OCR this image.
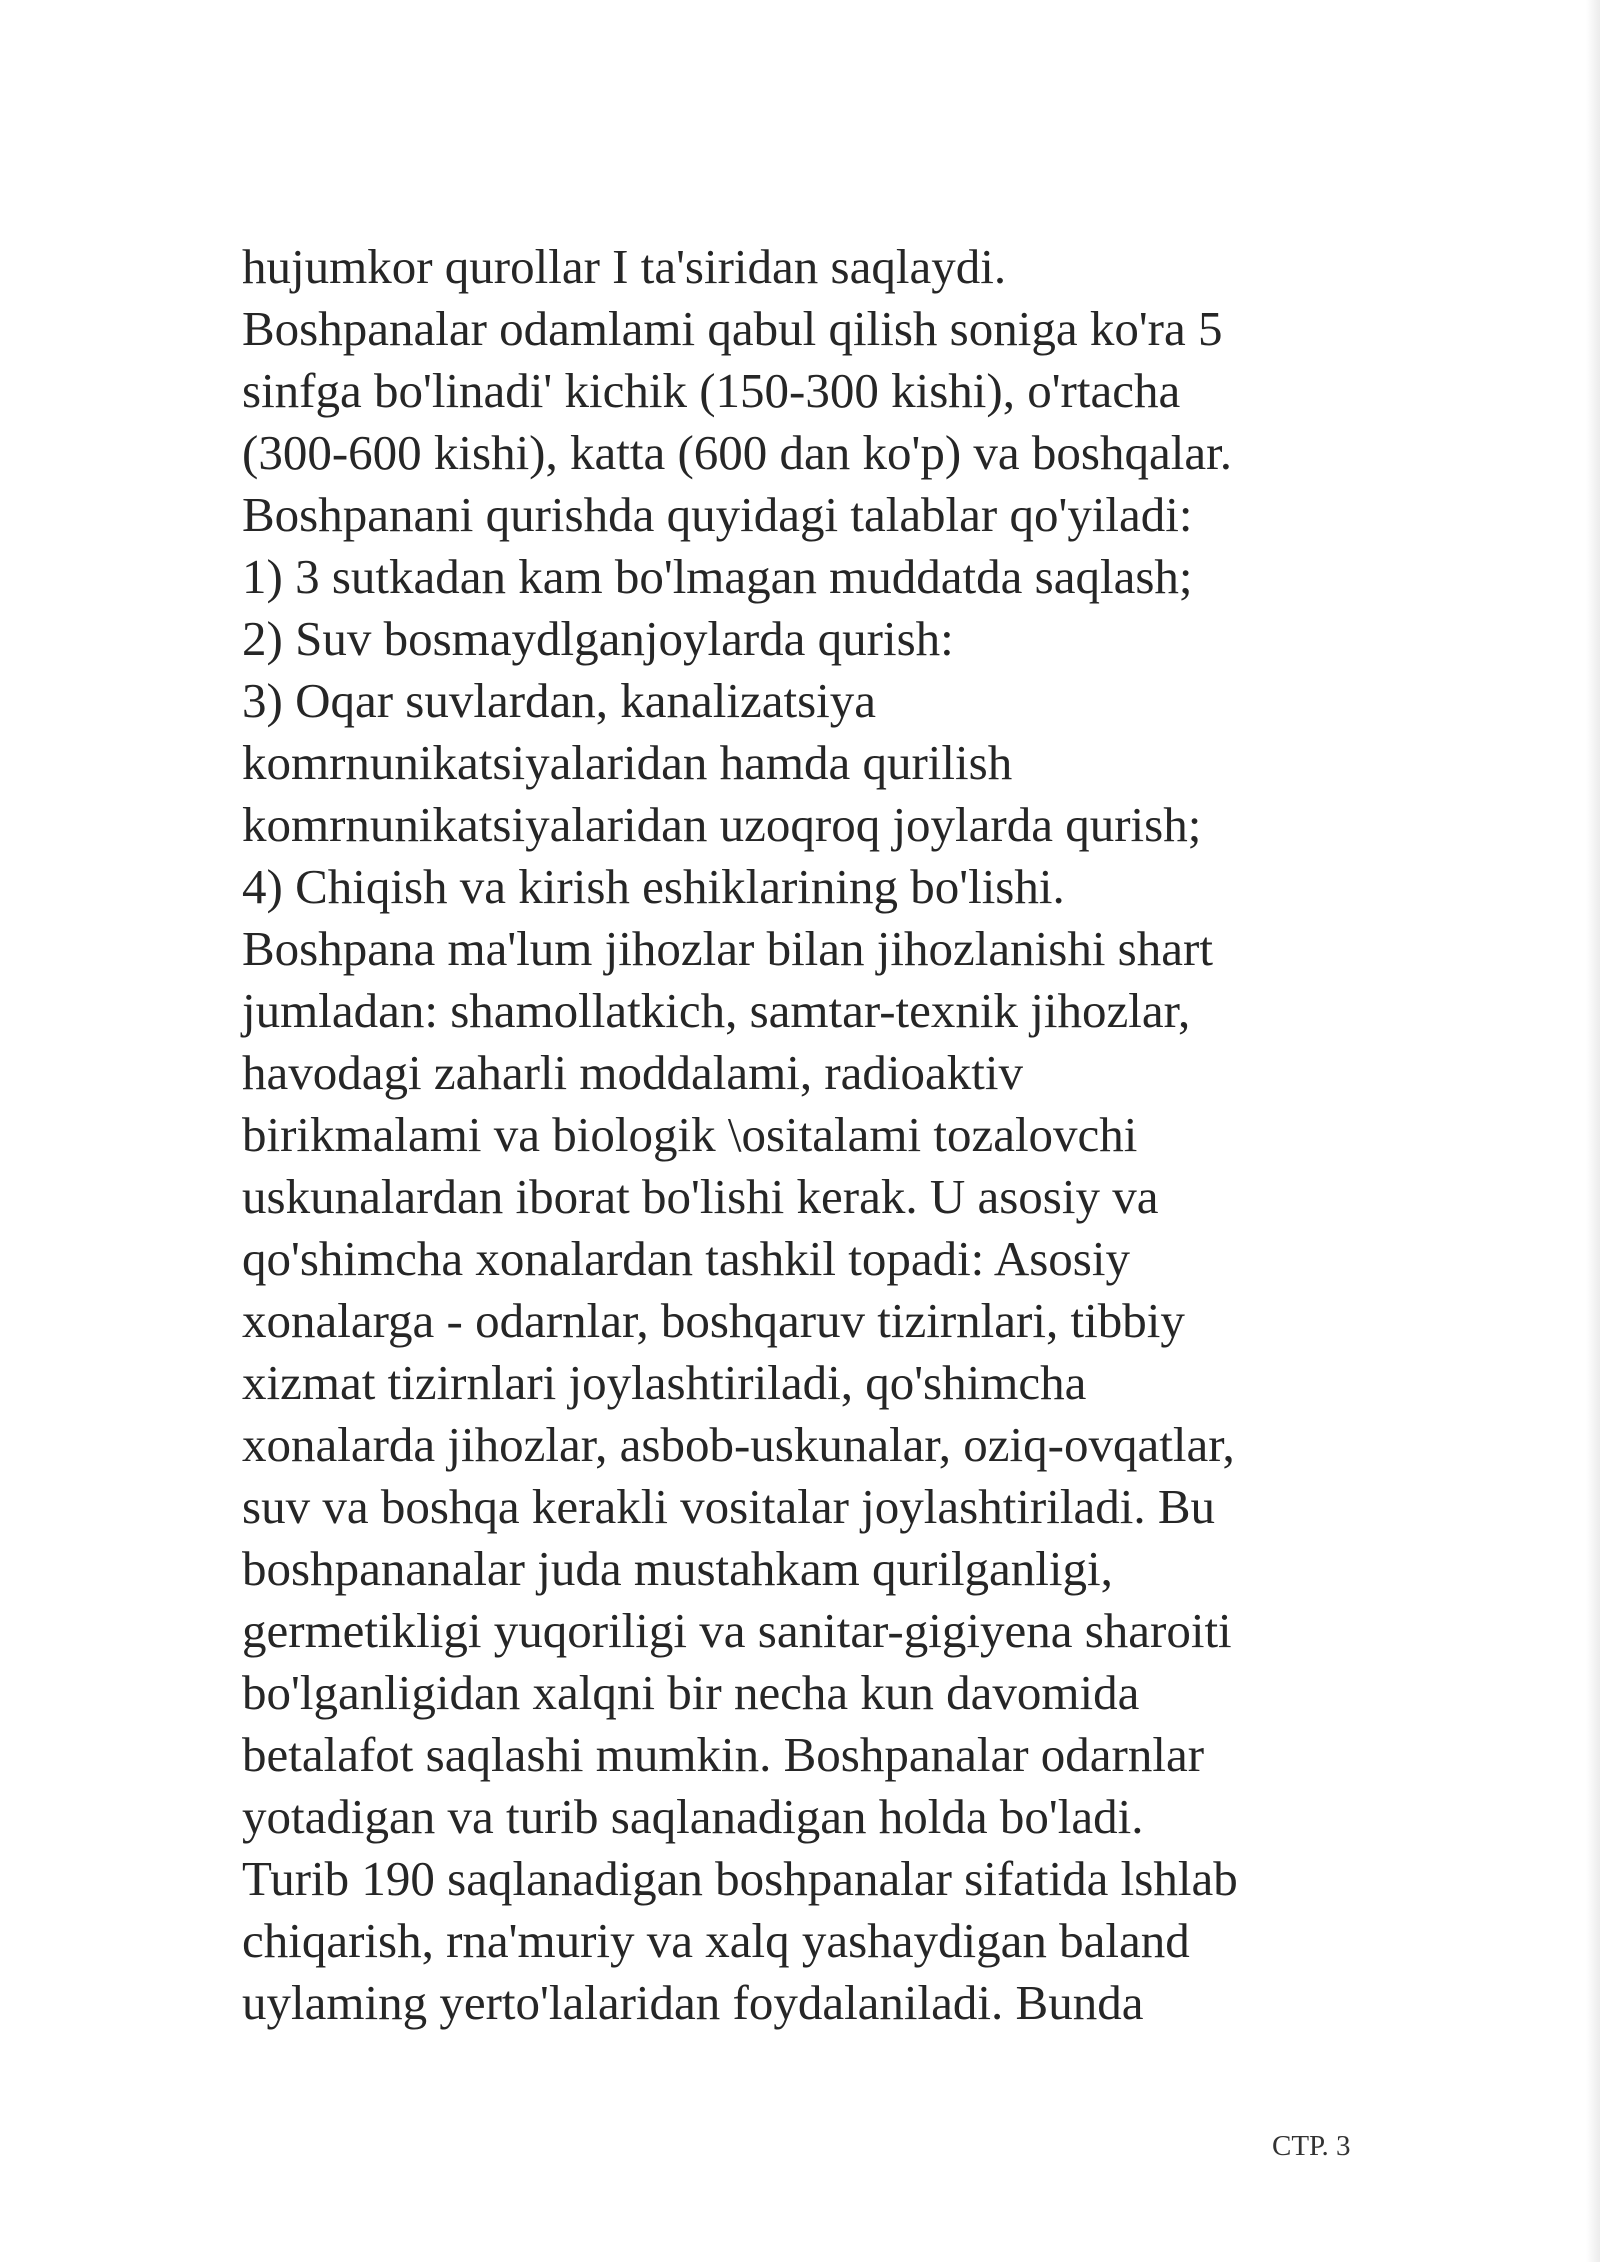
hujumkor qurollar I ta'siridan saqlaydi.
Boshpanalar odamlami qabul qilish soniga ko'ra 5
sinfga bo'linadi' kichik (150-300 kishi), o'rtacha
(300-600 kishi), katta (600 dan ko'p) va boshqalar.
Boshpanani qurishda quyidagi talablar qo'yiladi:
1) 3 sutkadan kam bo'lmagan muddatda saqlash;
2) Suv bosmaydlganjoylarda qurish:
3) Oqar suvlardan, kanalizatsiya
komrnunikatsiyalaridan hamda qurilish
komrnunikatsiyalaridan uzoqroq joylarda qurish;
4) Chiqish va kirish eshiklarining bo'lishi.
Boshpana ma'lum jihozlar bilan jihozlanishi shart
jumladan: shamollatkich, samtar-texnik jihozlar,
havodagi zaharli moddalami, radioaktiv
birikmalami va biologik \ositalami tozalovchi
uskunalardan iborat bo'lishi kerak. U asosiy va
qo'shimcha xonalardan tashkil topadi: Asosiy
xonalarga - odarnlar, boshqaruv tizirnlari, tibbiy
xizmat tizirnlari joylashtiriladi, qo'shimcha
xonalarda jihozlar, asbob-uskunalar, oziq-ovqatlar,
suv va boshqa kerakli vositalar joylashtiriladi. Bu
boshpananalar juda mustahkam qurilganligi,
germetikligi yuqoriligi va sanitar-gigiyena sharoiti
bo'lganligidan xalqni bir necha kun davomida
betalafot saqlashi mumkin. Boshpanalar odarnlar
yotadigan va turib saqlanadigan holda bo'ladi.
Turib 190 saqlanadigan boshpanalar sifatida lshlab
chiqarish, rna'muriy va xalq yashaydigan baland
uylaming yerto'lalaridan foydalaniladi. Bunda
СТР. 3
